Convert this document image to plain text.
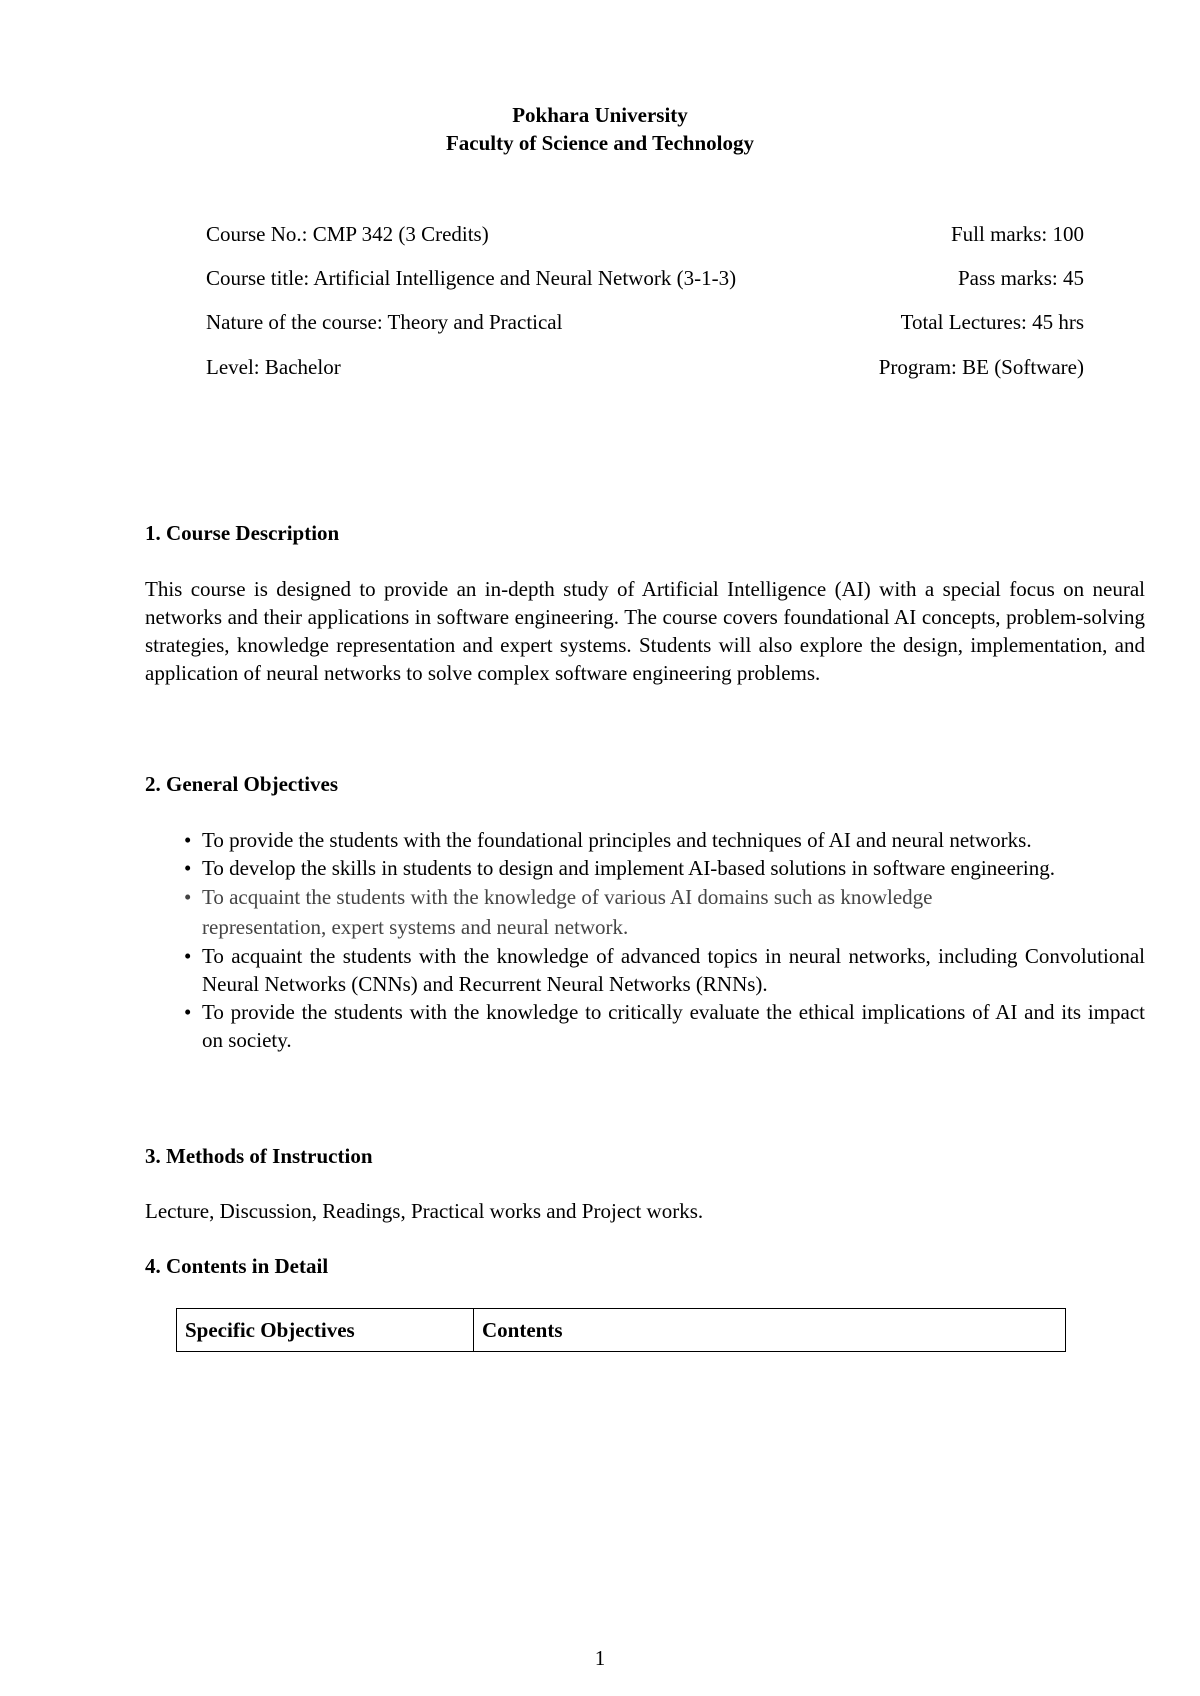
Pokhara University
Faculty of Science and Technology
Course No.: CMP 342 (3 Credits)	Full marks: 100
Course title: Artificial Intelligence and Neural Network (3-1-3)	Pass marks: 45
Nature of the course: Theory and Practical	Total Lectures: 45 hrs
Level: Bachelor	Program: BE (Software)
1. Course Description

This course is designed to provide an in-depth study of Artificial Intelligence (AI) with a special focus on neural networks and their applications in software engineering. The course covers foundational AI concepts, problem-solving strategies, knowledge representation and expert systems. Students will also explore the design, implementation, and application of neural networks to solve complex software engineering problems.

2. General Objectives
• To provide the students with the foundational principles and techniques of AI and neural networks.
• To develop the skills in students to design and implement AI-based solutions in software engineering.
• To acquaint the students with the knowledge of various AI domains such as knowledge representation, expert systems and neural network.
• To acquaint the students with the knowledge of advanced topics in neural networks, including Convolutional Neural Networks (CNNs) and Recurrent Neural Networks (RNNs).
• To provide the students with the knowledge to critically evaluate the ethical implications of AI and its impact on society.
3. Methods of Instruction
Lecture, Discussion, Readings, Practical works and Project works.
4. Contents in Detail
Specific Objectives	Contents
1
